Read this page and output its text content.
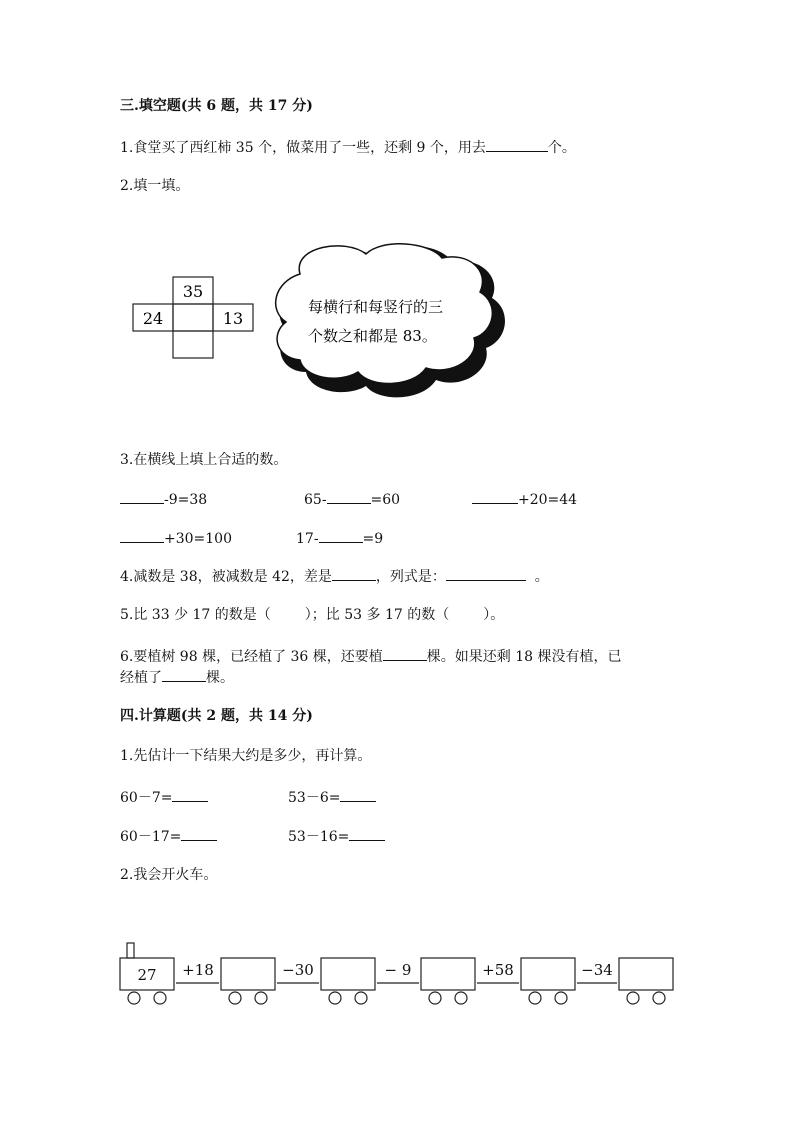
三.填空题(共 6 题，共 17 分)
1.食堂买了西红柿 35 个，做菜用了一些，还剩 9 个，用去	个。
2.填一填。
35
24	13
每横行和每竖行的三
个数之和都是 83。
3.在横线上填上合适的数。
-9=38	65-	=60	+20=44
+30=100	17-	=9
4.减数是 38，被减数是 42，差是	，列式是：	。
5.比 33 少 17 的数是（ ）；比 53 多 17 的数（ ）。
6.要植树 98 棵，已经植了 36 棵，还要植	棵。如果还剩 18 棵没有植，已
经植了	棵。
四.计算题(共 2 题，共 14 分)
1.先估计一下结果大约是多少，再计算。
60－7=	53－6=
60－17=	53－16=
2.我会开火车。
27 +18	−30	− 9	+58	−34
